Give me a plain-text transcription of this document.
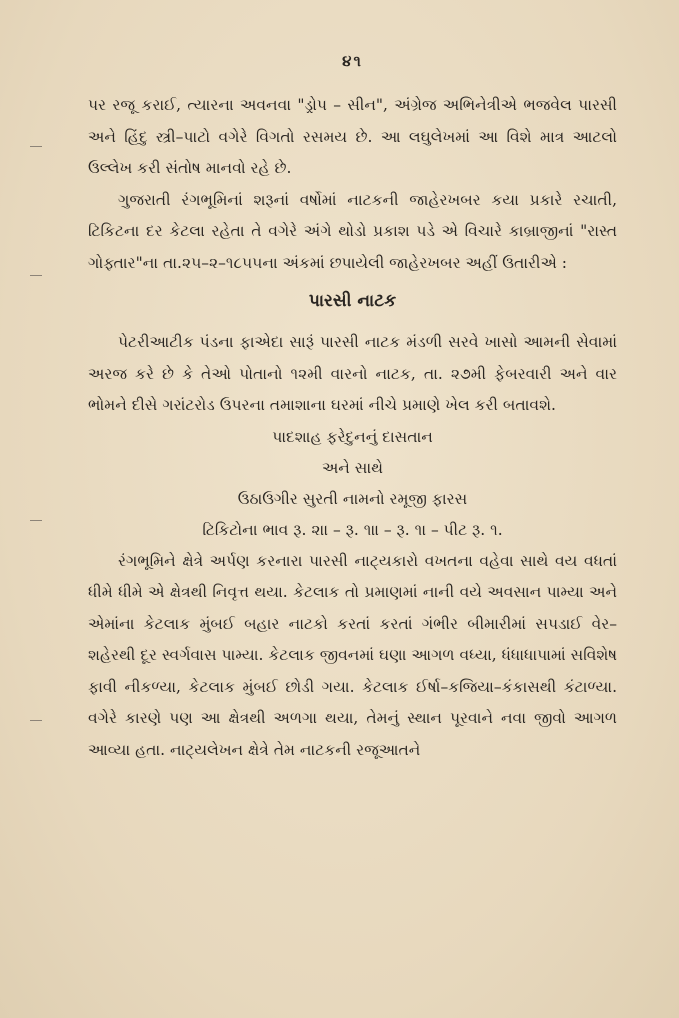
૪૧

પર રજૂ કરાઈ, ત્યારના અવનવા "ડ્રોપ – સીન", અંગ્રેજ અભિનેત્રીએ ભજવેલ પારસી અને હિંદુ સ્ત્રી–પાટો વગેરે વિગતો રસમય છે. આ લઘુલેખમાં આ વિશે માત્ર આટલો ઉલ્લેખ કરી સંતોષ માનવો રહે છે.

ગુજરાતી રંગભૂમિનાં શરૂનાં વર્ષોમાં નાટકની જાહેરખબર કયા પ્રકારે રચાતી, ટિકિટના દર કેટલા રહેતા તે વગેરે અંગે થોડો પ્રકાશ પડે એ વિચારે કાબ્રાજીનાં "રાસ્ત ગોફ્તાર"ના તા.૨૫–૨–૧૮૫૫ના અંકમાં છપાયેલી જાહેરખબર અહીં ઉતારીએ :

પારસી નાટક

પેટરીઆટીક પંડના ફાએદા સારૂં પારસી નાટક મંડળી સરવે ખાસો આમની સેવામાં અરજ કરે છે કે તેઓ પોતાનો ૧૨મી વારનો નાટક, તા. ૨૭મી ફેબરવારી અને વાર ભોમને દીસે ગરાંટરોડ ઉપરના તમાશાના ઘરમાં નીચે પ્રમાણે ખેલ કરી બતાવશે.

પાદશાહ ફરેદુનનું દાસતાન

અને સાથે

ઉઠાઉગીર સુરતી નામનો રમૂજી ફારસ

ટિકિટોના ભાવ રૂ. ૨ાા – રૂ. ૧ાા – રૂ. ૧ા – પીટ રૂ. ૧.

રંગભૂમિને ક્ષેત્રે અર્પણ કરનારા પારસી નાટ્યકારો વખતના વહેવા સાથે વય વધતાં ધીમે ધીમે એ ક્ષેત્રથી નિવૃત્ત થયા. કેટલાક તો પ્રમાણમાં નાની વયે અવસાન પામ્યા અને એમાંના કેટલાક મુંબઈ બહાર નાટકો કરતાં કરતાં ગંભીર બીમારીમાં સપડાઈ વેર–શહેરથી દૂર સ્વર્ગવાસ પામ્યા. કેટલાક જીવનમાં ઘણા આગળ વધ્યા, ધંધાધાપામાં સવિશેષ ફાવી નીકળ્યા, કેટલાક મુંબઈ છોડી ગયા. કેટલાક ઈર્ષા–કજિયા–કંકાસથી કંટાળ્યા. વગેરે કારણે પણ આ ક્ષેત્રથી અળગા થયા, તેમનું સ્થાન પૂરવાને નવા જીવો આગળ આવ્યા હતા. નાટ્યલેખન ક્ષેત્રે તેમ નાટકની રજૂઆતને
